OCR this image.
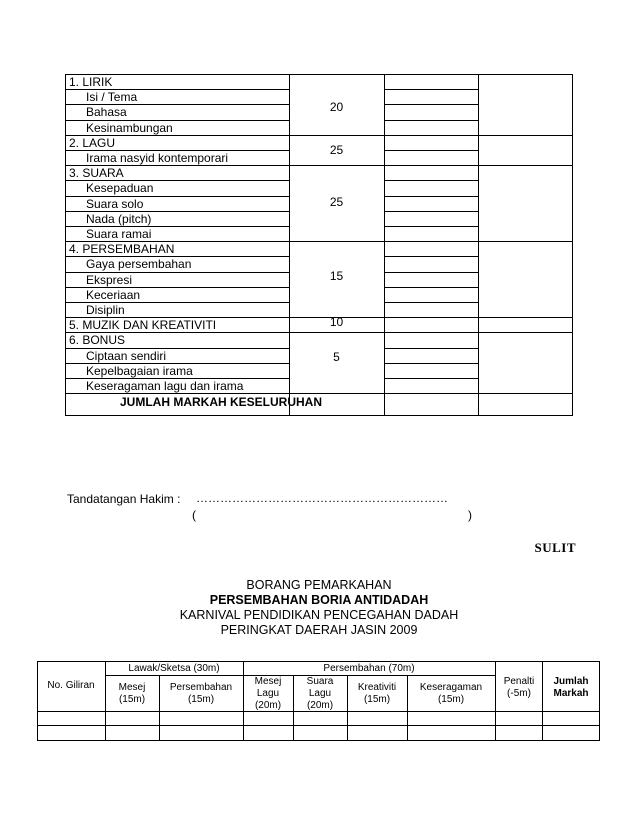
1. LIRIK
Isi / Tema
Bahasa
Kesinambungan
2. LAGU
Irama nasyid kontemporari
3. SUARA
Kesepaduan
Suara solo
Nada (pitch)
Suara ramai
4. PERSEMBAHAN
Gaya persembahan
Ekspresi
Keceriaan
Disiplin
5. MUZIK DAN KREATIVITI
6. BONUS
Ciptaan sendiri
Kepelbagaian irama
Keseragaman lagu dan irama
20
25
25
15
10
5
JUMLAH MARKAH KESELURUHAN
Tandatangan Hakim : ………………………………………………………
(	)
SULIT
BORANG PEMARKAHAN
PERSEMBAHAN BORIA ANTIDADAH
KARNIVAL PENDIDIKAN PENCEGAHAN DADAH
PERINGKAT DAERAH JASIN 2009
No. Giliran
Lawak/Sketsa (30m)
Mesej (15m)
Persembahan (15m)
Persembahan (70m)
Mesej Lagu (20m)
Suara Lagu (20m)
Kreativiti (15m)
Keseragaman (15m)
Penalti (-5m)
Jumlah Markah
